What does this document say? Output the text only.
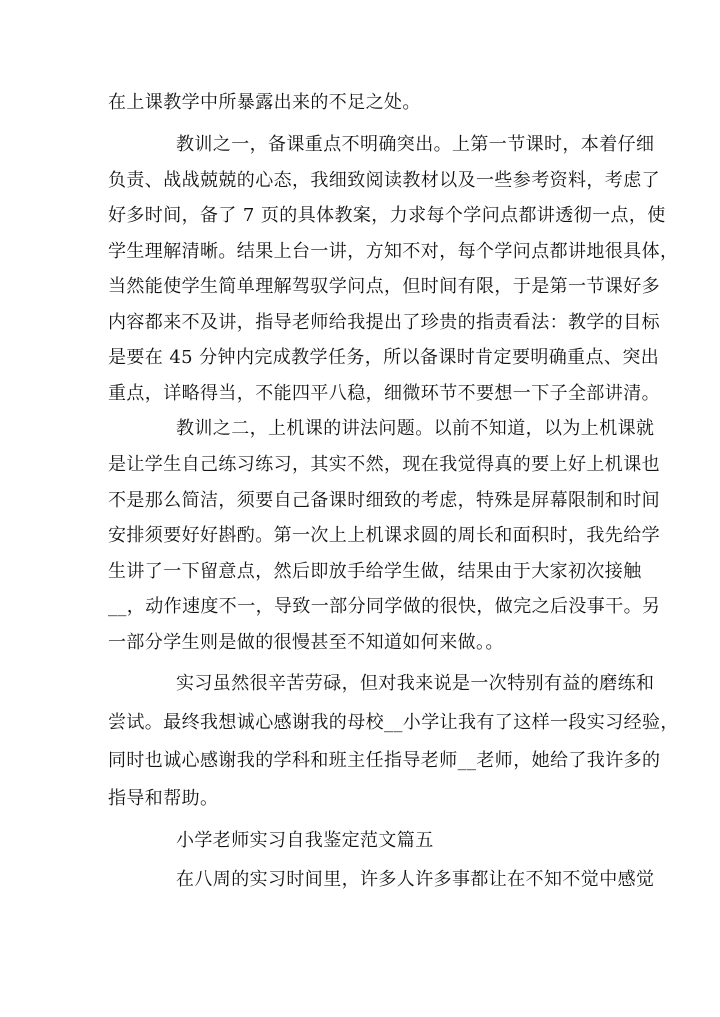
在上课教学中所暴露出来的不足之处。
教训之一，备课重点不明确突出。上第一节课时，本着仔细
负责、战战兢兢的心态，我细致阅读教材以及一些参考资料，考虑了
好多时间，备了 7 页的具体教案，力求每个学问点都讲透彻一点，使
学生理解清晰。结果上台一讲，方知不对，每个学问点都讲地很具体，
当然能使学生简单理解驾驭学问点，但时间有限，于是第一节课好多
内容都来不及讲，指导老师给我提出了珍贵的指责看法：教学的目标
是要在 45 分钟内完成教学任务，所以备课时肯定要明确重点、突出
重点，详略得当，不能四平八稳，细微环节不要想一下子全部讲清。
教训之二，上机课的讲法问题。以前不知道，以为上机课就
是让学生自己练习练习，其实不然，现在我觉得真的要上好上机课也
不是那么简洁，须要自己备课时细致的考虑，特殊是屏幕限制和时间
安排须要好好斟酌。第一次上上机课求圆的周长和面积时，我先给学
生讲了一下留意点，然后即放手给学生做，结果由于大家初次接触
__，动作速度不一，导致一部分同学做的很快，做完之后没事干。另
一部分学生则是做的很慢甚至不知道如何来做。。
实习虽然很辛苦劳碌，但对我来说是一次特别有益的磨练和
尝试。最终我想诚心感谢我的母校__小学让我有了这样一段实习经验，
同时也诚心感谢我的学科和班主任指导老师__老师，她给了我许多的
指导和帮助。
小学老师实习自我鉴定范文篇五
在八周的实习时间里，许多人许多事都让在不知不觉中感觉
